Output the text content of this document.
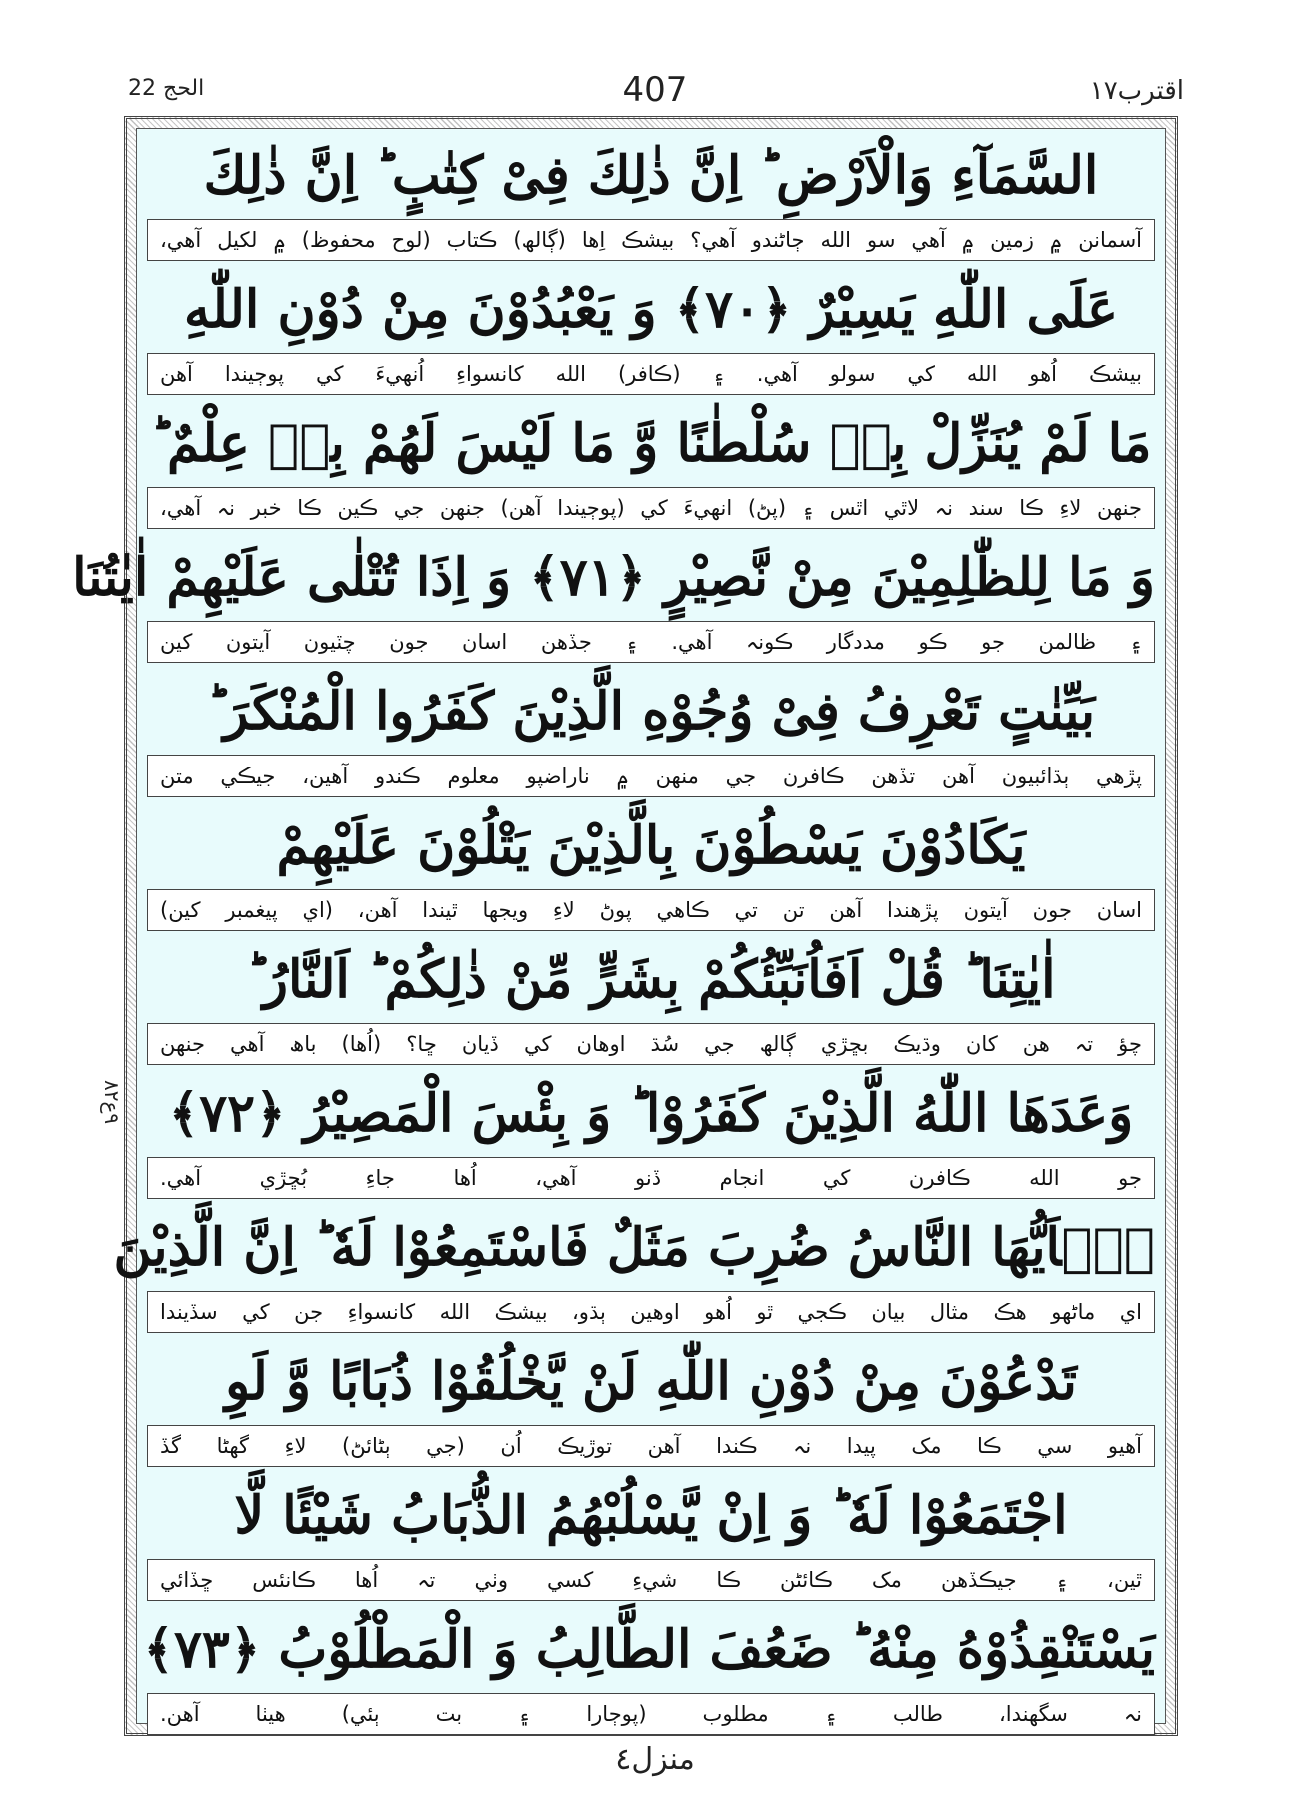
الحج 22	407	اقترب١٧
٩ع٨٢
السَّمَآءِ وَالْاَرْضِ ؕ اِنَّ ذٰلِكَ فِیْ كِتٰبٍ ؕ اِنَّ ذٰلِكَ
آسمانن ۾ زمين ۾ آهي سو الله ڄاڻندو آهي؟ بيشڪ اِها (ڳالھ) ڪتاب (لوح محفوظ) ۾ لکيل آهي،
عَلَى اللّٰهِ یَسِیْرٌ ﴿۷۰﴾ وَ یَعْبُدُوْنَ مِنْ دُوْنِ اللّٰهِ
بيشڪ اُهو الله کي سولو آهي. ۽ (ڪافر) الله کانسواءِ اُنهيءَ کي پوڄيندا آهن
مَا لَمْ یُنَزِّلْ بِهٖ سُلْطٰنًا وَّ مَا لَیْسَ لَهُمْ بِهٖ عِلْمٌ ؕ
جنهن لاءِ ڪا سند نہ لاٿي اٿس ۽ (پڻ) انهيءَ کي (پوڄيندا آهن) جنهن جي ڪين ڪا خبر نہ آهي،
وَ مَا لِلظّٰلِمِیْنَ مِنْ نَّصِیْرٍ ﴿۷۱﴾ وَ اِذَا تُتْلٰى عَلَیْهِمْ اٰیٰتُنَا
۽ ظالمن جو ڪو مددگار ڪونہ آهي. ۽ جڏهن اسان جون چٽيون آيتون کين
بَیِّنٰتٍ تَعْرِفُ فِیْ وُجُوْهِ الَّذِیْنَ كَفَرُوا الْمُنْكَرَ ؕ
پڙهي ٻڌائبيون آهن تڏهن ڪافرن جي منهن ۾ ناراضپو معلوم ڪندو آهين، جيڪي متن
یَكَادُوْنَ یَسْطُوْنَ بِالَّذِیْنَ یَتْلُوْنَ عَلَیْهِمْ
اسان جون آيتون پڙهندا آهن تن تي ڪاهي پوڻ لاءِ ويجها ٿيندا آهن، (اي پيغمبر کين)
اٰیٰتِنَا ؕ قُلْ اَفَاُنَبِّئُكُمْ بِشَرٍّ مِّنْ ذٰلِكُمْ ؕ اَلنَّارُ ؕ
چؤ تہ ھن کان وڌيڪ بڇڙي ڳالھ جي سُڌ اوهان کي ڏيان ڇا؟ (اُھا) باھ آهي جنهن
وَعَدَهَا اللّٰهُ الَّذِیْنَ كَفَرُوْا ؕ وَ بِئْسَ الْمَصِیْرُ ﴿۷۲﴾
جو الله ڪافرن کي انجام ڏنو آهي، اُها جاءِ بُڇڙي آهي.
یٰۤاَیُّهَا النَّاسُ ضُرِبَ مَثَلٌ فَاسْتَمِعُوْا لَهٗ ؕ اِنَّ الَّذِیْنَ
اي ماڻهو هڪ مثال بيان ڪجي ٿو اُهو اوهين ٻڌو، بيشڪ الله کانسواءِ جن کي سڏيندا
تَدْعُوْنَ مِنْ دُوْنِ اللّٰهِ لَنْ یَّخْلُقُوْا ذُبَابًا وَّ لَوِ
آهيو سي ڪا مک پيدا نہ ڪندا آهن توڙيڪ اُن (جي ٻڻائڻ) لاءِ گهڻا گڏ
اجْتَمَعُوْا لَهٗ ؕ وَ اِنْ یَّسْلُبْهُمُ الذُّبَابُ شَیْئًا لَّا
ٿين، ۽ جيڪڏهن مک ڪائڻن ڪا شيءِ کسي وٺي تہ اُها ڪانئس ڇڏائي
یَسْتَنْقِذُوْهُ مِنْهُ ؕ ضَعُفَ الطَّالِبُ وَ الْمَطْلُوْبُ ﴿۷۳﴾
نہ سگهندا، طالب ۽ مطلوب (پوڄارا ۽ بت ٻئي) هيٺا آهن.
منزل٤
